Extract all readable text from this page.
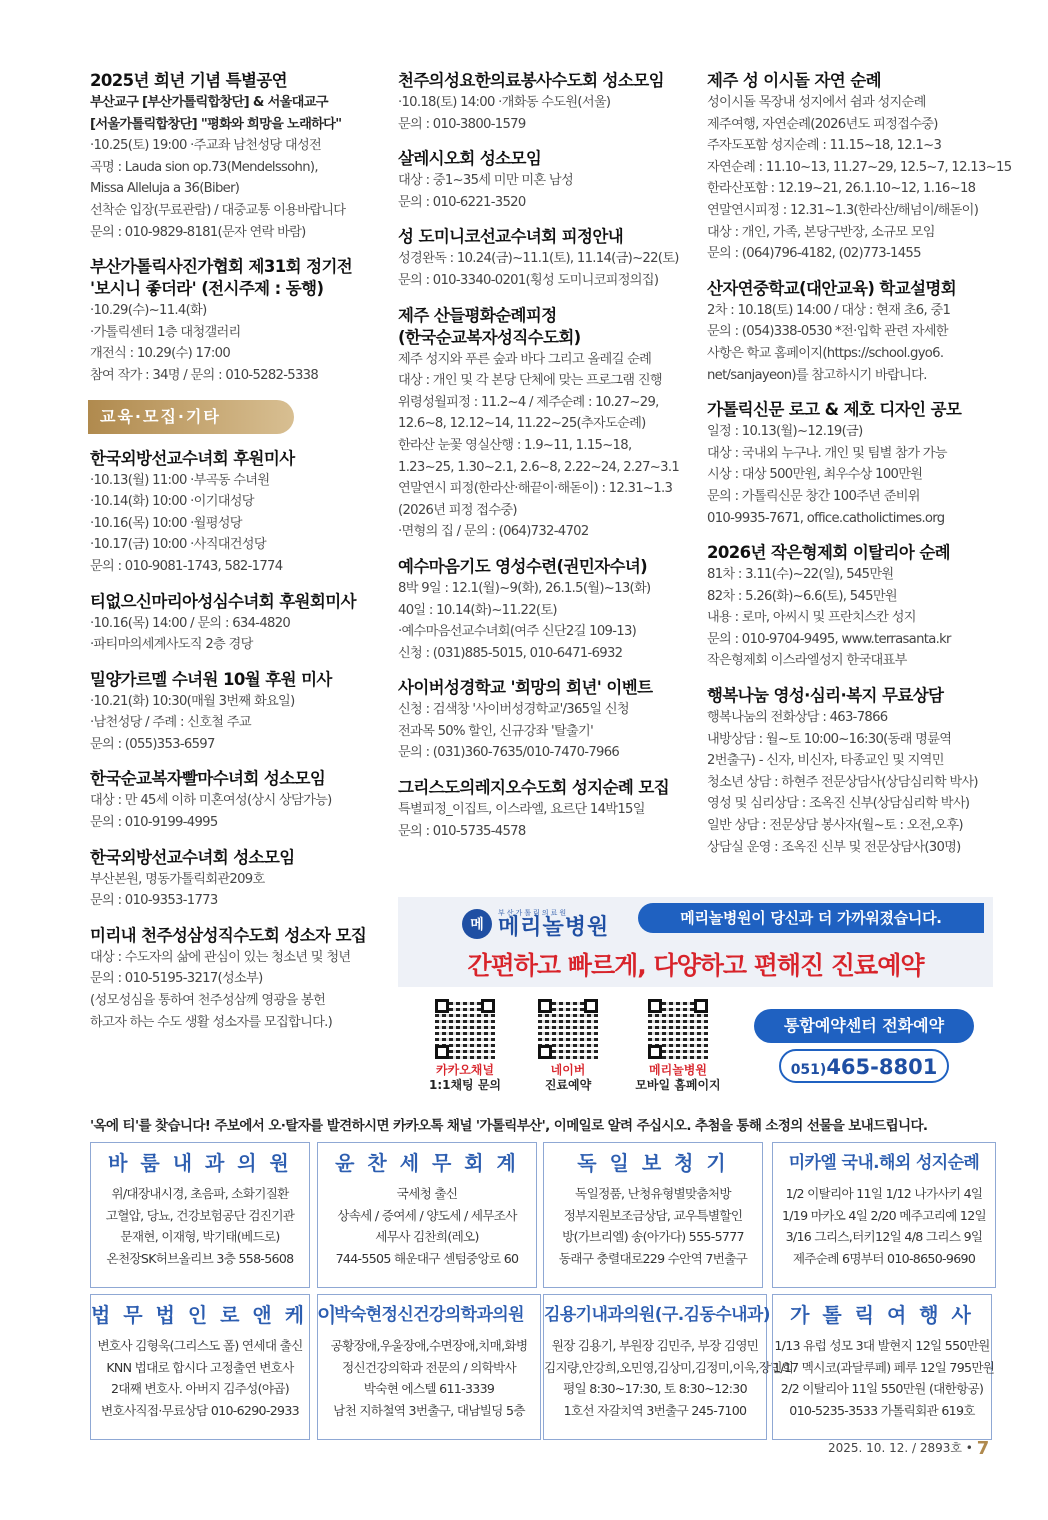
2025년 희년 기념 특별공연
부산교구 [부산가톨릭합창단] & 서울대교구
[서울가톨릭합창단] "평화와 희망을 노래하다"
·10.25(토) 19:00 ·주교좌 남천성당 대성전
곡명 : Lauda sion op.73(Mendelssohn),
Missa Alleluja a 36(Biber)
선착순 입장(무료관람) / 대중교통 이용바랍니다
문의 : 010-9829-8181(문자 연락 바람)
부산가톨릭사진가협회 제31회 정기전
'보시니 좋더라' (전시주제 : 동행)
·10.29(수)~11.4(화)
·가톨릭센터 1층 대청갤러리
개전식 : 10.29(수) 17:00
참여 작가 : 34명 / 문의 : 010-5282-5338
교육·모집·기타
한국외방선교수녀회 후원미사
·10.13(월) 11:00 ·부곡동 수녀원
·10.14(화) 10:00 ·이기대성당
·10.16(목) 10:00 ·월평성당
·10.17(금) 10:00 ·사직대건성당
문의 : 010-9081-1743, 582-1774
티없으신마리아성심수녀회 후원회미사
·10.16(목) 14:00 / 문의 : 634-4820
·파티마의세계사도직 2층 경당
밀양가르멜 수녀원 10월 후원 미사
·10.21(화) 10:30(매월 3번째 화요일)
·남천성당 / 주례 : 신호철 주교
문의 : (055)353-6597
한국순교복자빨마수녀회 성소모임
대상 : 만 45세 이하 미혼여성(상시 상담가능)
문의 : 010-9199-4995
한국외방선교수녀회 성소모임
부산본원, 명동가톨릭회관209호
문의 : 010-9353-1773
미리내 천주성삼성직수도회 성소자 모집
대상 : 수도자의 삶에 관심이 있는 청소년 및 청년
문의 : 010-5195-3217(성소부)
(성모성심을 통하여 천주성삼께 영광을 봉헌
하고자 하는 수도 생활 성소자를 모집합니다.)
천주의성요한의료봉사수도회 성소모임
·10.18(토) 14:00 ·개화동 수도원(서울)
문의 : 010-3800-1579
살레시오회 성소모임
대상 : 중1~35세 미만 미혼 남성
문의 : 010-6221-3520
성 도미니코선교수녀회 피정안내
성경완독 : 10.24(금)~11.1(토), 11.14(금)~22(토)
문의 : 010-3340-0201(횡성 도미니코피정의집)
제주 산들평화순례피정
(한국순교복자성직수도회)
제주 성지와 푸른 숲과 바다 그리고 올레길 순례
대상 : 개인 및 각 본당 단체에 맞는 프로그램 진행
위령성월피정 : 11.2~4 / 제주순례 : 10.27~29,
12.6~8, 12.12~14, 11.22~25(추자도순례)
한라산 눈꽃 영실산행 : 1.9~11, 1.15~18,
1.23~25, 1.30~2.1, 2.6~8, 2.22~24, 2.27~3.1
연말연시 피정(한라산·해끝이·해돋이) : 12.31~1.3
(2026년 피정 접수중)
·면형의 집 / 문의 : (064)732-4702
예수마음기도 영성수련(권민자수녀)
8박 9일 : 12.1(월)~9(화), 26.1.5(월)~13(화)
40일 : 10.14(화)~11.22(토)
·예수마음선교수녀회(여주 신단2길 109-13)
신청 : (031)885-5015, 010-6471-6932
사이버성경학교 '희망의 희년' 이벤트
신청 : 검색창 '사이버성경학교'/365일 신청
전과목 50% 할인, 신규강좌 '탈출기'
문의 : (031)360-7635/010-7470-7966
그리스도의레지오수도회 성지순례 모집
특별피정_이집트, 이스라엘, 요르단 14박15일
문의 : 010-5735-4578
제주 성 이시돌 자연 순례
성이시돌 목장내 성지에서 쉼과 성지순례
제주여행, 자연순례(2026년도 피정접수중)
주자도포함 성지순례 : 11.15~18, 12.1~3
자연순례 : 11.10~13, 11.27~29, 12.5~7, 12.13~15
한라산포함 : 12.19~21, 26.1.10~12, 1.16~18
연말연시피정 : 12.31~1.3(한라산/해넘이/해돋이)
대상 : 개인, 가족, 본당구반장, 소규모 모임
문의 : (064)796-4182, (02)773-1455
산자연중학교(대안교육) 학교설명회
2차 : 10.18(토) 14:00 / 대상 : 현재 초6, 중1
문의 : (054)338-0530 *전·입학 관련 자세한
사항은 학교 홈페이지(https://school.gyo6.
net/sanjayeon)를 참고하시기 바랍니다.
가톨릭신문 로고 & 제호 디자인 공모
일정 : 10.13(월)~12.19(금)
대상 : 국내외 누구나. 개인 및 팀별 참가 가능
시상 : 대상 500만원, 최우수상 100만원
문의 : 가톨릭신문 창간 100주년 준비위
010-9935-7671, office.catholictimes.org
2026년 작은형제회 이탈리아 순례
81차 : 3.11(수)~22(일), 545만원
82차 : 5.26(화)~6.6(토), 545만원
내용 : 로마, 아씨시 및 프란치스칸 성지
문의 : 010-9704-9495, www.terrasanta.kr
작은형제회 이스라엘성지 한국대표부
행복나눔 영성·심리·복지 무료상담
행복나눔의 전화상담 : 463-7866
내방상담 : 월~토 10:00~16:30(동래 명륜역
2번출구) - 신자, 비신자, 타종교인 및 지역민
청소년 상담 : 하현주 전문상담사(상담심리학 박사)
영성 및 심리상담 : 조옥진 신부(상담심리학 박사)
일반 상담 : 전문상담 봉사자(월~토 : 오전,오후)
상담실 운영 : 조옥진 신부 및 전문상담사(30명)
메
부산가톨릭의료원
메리놀병원	메리놀병원이 당신과 더 가까워졌습니다.
간편하고 빠르게, 다양하고 편해진 진료예약
카카오채널
1:1채팅 문의
네이버
진료예약
메리놀병원
모바일 홈페이지
통합예약센터 전화예약
051)465-8801
'옥에 티'를 찾습니다! 주보에서 오·탈자를 발견하시면 카카오톡 채널 '가톨릭부산', 이메일로 알려 주십시오. 추첨을 통해 소정의 선물을 보내드립니다.
바 룸 내 과 의 원
위/대장내시경, 초음파, 소화기질환
고혈압, 당뇨, 건강보험공단 검진기관
문재현, 이재형, 박기태(베드로)
온천장SK허브올리브 3층 558-5608
윤 찬 세 무 회 계
국세청 출신
상속세 / 증여세 / 양도세 / 세무조사
세무사 김찬희(레오)
744-5505 해운대구 센텀중앙로 60
독 일 보 청 기
독일정품, 난청유형별맞춤처방
정부지원보조금상담, 교우특별할인
방(가브리엘) 송(아가다) 555-5777
동래구 충렬대로229 수안역 7번출구
미카엘 국내.해외 성지순례
1/2 이탈리아 11일 1/12 나가사키 4일
1/19 마카오 4일 2/20 메주고리예 12일
3/16 그리스,터키12일 4/8 그리스 9일
제주순례 6명부터 010-8650-9690
법 무 법 인 로 앤 케 이
변호사 김형욱(그리스도 폴) 연세대 출신
KNN 법대로 합시다 고정출연 변호사
2대째 변호사. 아버지 김주성(야곱)
변호사직접·무료상담 010-6290-2933
박숙현정신건강의학과의원
공황장애,우울장애,수면장애,치매,화병
정신건강의학과 전문의 / 의학박사
박숙현 에스텔 611-3339
남천 지하철역 3번출구, 대남빌딩 5층
김용기내과의원(구.김동수내과)
원장 김용기, 부원장 김민주, 부장 김영민
김지량,안강희,오민영,김상미,김정미,이욱,장민희
평일 8:30~17:30, 토 8:30~12:30
1호선 자갈치역 3번출구 245-7100
가 톨 릭 여 행 사
1/13 유럽 성모 3대 발현지 12일 550만원
1/17 멕시코(과달루페) 페루 12일 795만원
2/2 이탈리아 11일 550만원 (대한항공)
010-5235-3533 가톨릭회관 619호
2025. 10. 12. / 2893호 • 7
